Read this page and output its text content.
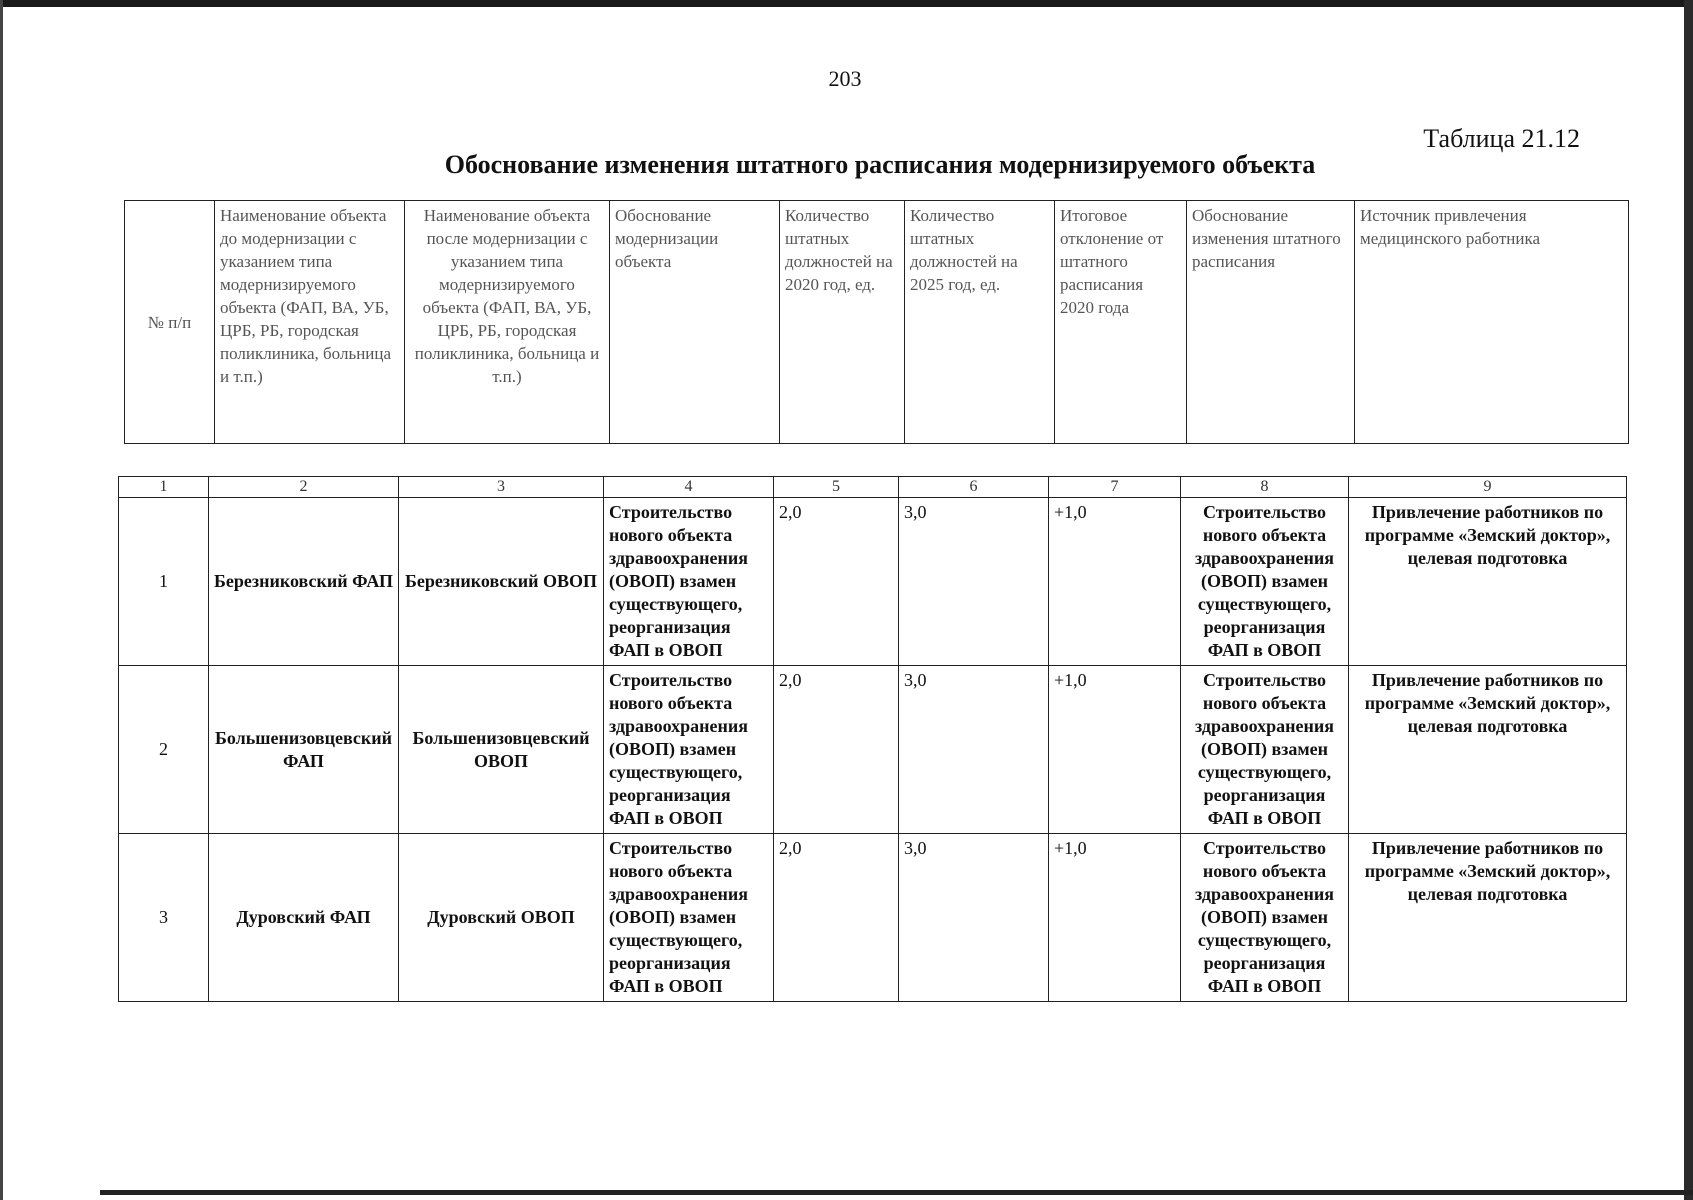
203
Таблица 21.12
Обоснование изменения штатного расписания модернизируемого объекта
№ п/п	Наименование объекта до модернизации с указанием типа модернизируемого объекта (ФАП, ВА, УБ, ЦРБ, РБ, городская поликлиника, больница и т.п.)	Наименование объекта после модернизации с указанием типа модернизируемого объекта (ФАП, ВА, УБ, ЦРБ, РБ, городская поликлиника, больница и т.п.)	Обоснование модернизации объекта	Количество штатных должностей на 2020 год, ед.	Количество штатных должностей на 2025 год, ед.	Итоговое отклонение от штатного расписания 2020 года	Обоснование изменения штатного расписания	Источник привлечения медицинского работника
1	2	3	4	5	6	7	8	9
1	Березниковский ФАП	Березниковский ОВОП	Строительство нового объекта здравоохранения (ОВОП) взамен существующего, реорганизация ФАП в ОВОП	2,0	3,0	+1,0	Строительство нового объекта здравоохранения (ОВОП) взамен существующего, реорганизация ФАП в ОВОП	Привлечение работников по программе «Земский доктор», целевая подготовка
2	Большенизовцевский ФАП	Большенизовцевский ОВОП	Строительство нового объекта здравоохранения (ОВОП) взамен существующего, реорганизация ФАП в ОВОП	2,0	3,0	+1,0	Строительство нового объекта здравоохранения (ОВОП) взамен существующего, реорганизация ФАП в ОВОП	Привлечение работников по программе «Земский доктор», целевая подготовка
3	Дуровский ФАП	Дуровский ОВОП	Строительство нового объекта здравоохранения (ОВОП) взамен существующего, реорганизация ФАП в ОВОП	2,0	3,0	+1,0	Строительство нового объекта здравоохранения (ОВОП) взамен существующего, реорганизация ФАП в ОВОП	Привлечение работников по программе «Земский доктор», целевая подготовка
